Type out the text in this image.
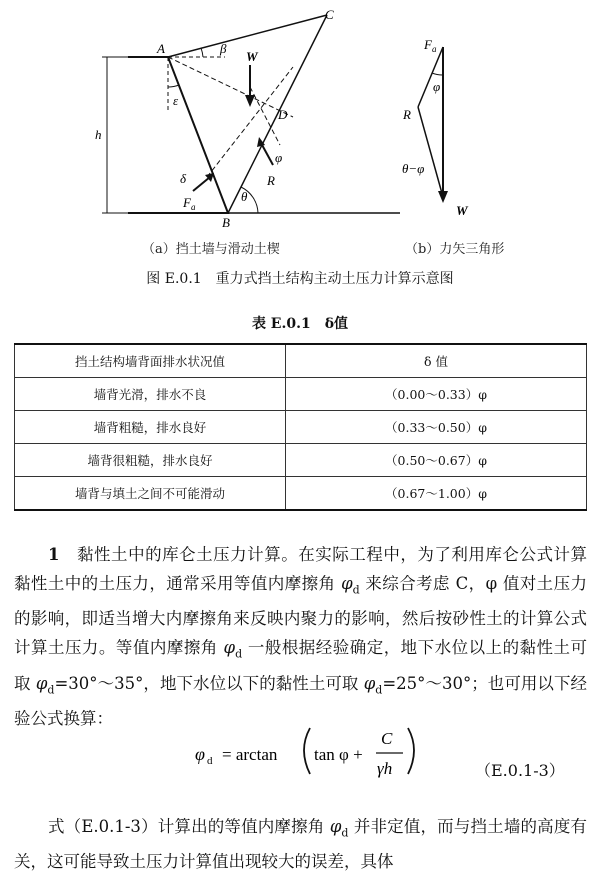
A
C
β
W
ε
D
h
φ
δ	R
$F_a$
θ
B
$F_a$
φ
R
θ−φ
W
（a）挡土墙与滑动土楔	（b）力矢三角形
图 E.0.1　重力式挡土结构主动土压力计算示意图
表 E.0.1　δ值
挡土结构墙背面排水状况值	δ 值
墙背光滑，排水不良	（0.00～0.33）φ
墙背粗糙，排水良好	（0.33～0.50）φ
墙背很粗糙，排水良好	（0.50～0.67）φ
墙背与填土之间不可能滑动	（0.67～1.00）φ
1　黏性土中的库仑土压力计算。在实际工程中，为了利用库仑公式计算黏性土中的土压力，通常采用等值内摩擦角 $\varphi_d$ 来综合考虑 C，φ 值对土压力的影响，即适当增大内摩擦角来反映内聚力的影响，然后按砂性土的计算公式计算土压力。等值内摩擦角 $\varphi_d$ 一般根据经验确定，地下水位以上的黏性土可取 $\varphi_d=30^\circ\sim 35^\circ$，地下水位以下的黏性土可取 $\varphi_d=25^\circ\sim 30^\circ$；也可用以下经验公式换算：
φ d = arctan tan φ +
C
γh	（E.0.1-3）
式（E.0.1-3）计算出的等值内摩擦角 $\varphi_d$ 并非定值，而与挡土墙的高度有关，这可能导致土压力计算值出现较大的误差，具体
